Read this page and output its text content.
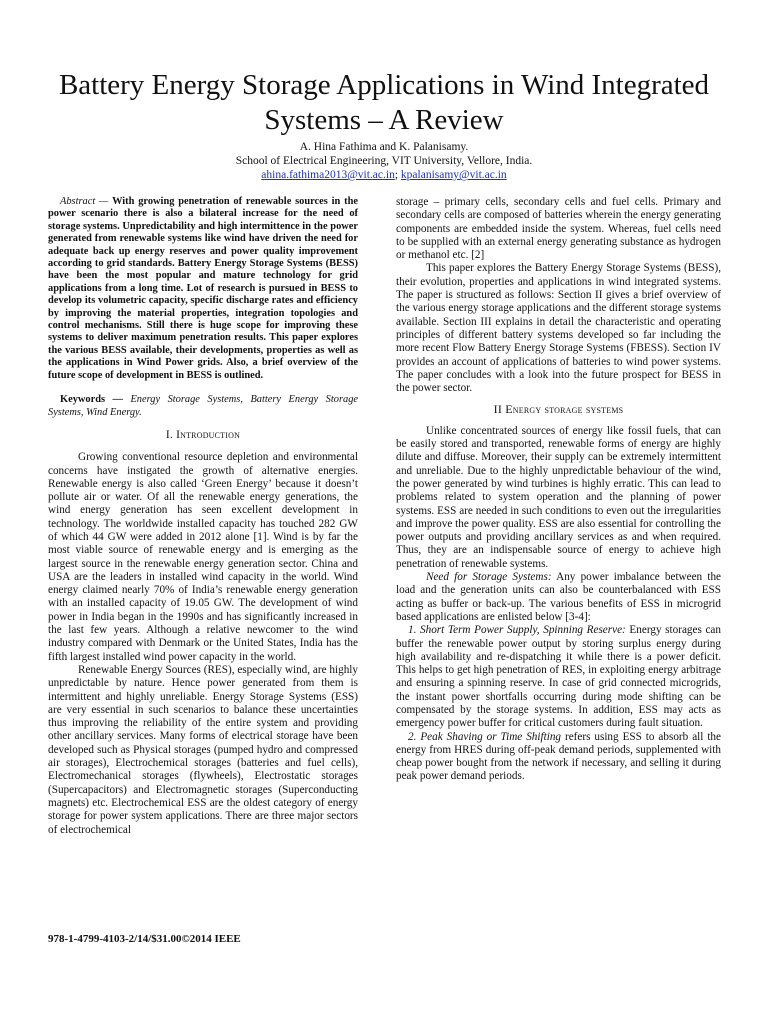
Battery Energy Storage Applications in Wind Integrated Systems – A Review
A. Hina Fathima and K. Palanisamy.
School of Electrical Engineering, VIT University, Vellore, India.
ahina.fathima2013@vit.ac.in; kpalanisamy@vit.ac.in

Abstract — With growing penetration of renewable sources in the power scenario there is also a bilateral increase for the need of storage systems. Unpredictability and high intermittence in the power generated from renewable systems like wind have driven the need for adequate back up energy reserves and power quality improvement according to grid standards. Battery Energy Storage Systems (BESS) have been the most popular and mature technology for grid applications from a long time. Lot of research is pursued in BESS to develop its volumetric capacity, specific discharge rates and efficiency by improving the material properties, integration topologies and control mechanisms. Still there is huge scope for improving these systems to deliver maximum penetration results. This paper explores the various BESS available, their developments, properties as well as the applications in Wind Power grids. Also, a brief overview of the future scope of development in BESS is outlined.

Keywords — Energy Storage Systems, Battery Energy Storage Systems, Wind Energy.

I. Introduction

Growing conventional resource depletion and environmental concerns have instigated the growth of alternative energies. Renewable energy is also called ‘Green Energy’ because it doesn’t pollute air or water. Of all the renewable energy generations, the wind energy generation has seen excellent development in technology. The worldwide installed capacity has touched 282 GW of which 44 GW were added in 2012 alone [1]. Wind is by far the most viable source of renewable energy and is emerging as the largest source in the renewable energy generation sector. China and USA are the leaders in installed wind capacity in the world. Wind energy claimed nearly 70% of India’s renewable energy generation with an installed capacity of 19.05 GW. The development of wind power in India began in the 1990s and has significantly increased in the last few years. Although a relative newcomer to the wind industry compared with Denmark or the United States, India has the fifth largest installed wind power capacity in the world.

Renewable Energy Sources (RES), especially wind, are highly unpredictable by nature. Hence power generated from them is intermittent and highly unreliable. Energy Storage Systems (ESS) are very essential in such scenarios to balance these uncertainties thus improving the reliability of the entire system and providing other ancillary services. Many forms of electrical storage have been developed such as Physical storages (pumped hydro and compressed air storages), Electrochemical storages (batteries and fuel cells), Electromechanical storages (flywheels), Electrostatic storages (Supercapacitors) and Electromagnetic storages (Superconducting magnets) etc. Electrochemical ESS are the oldest category of energy storage for power system applications. There are three major sectors of electrochemical

storage – primary cells, secondary cells and fuel cells. Primary and secondary cells are composed of batteries wherein the energy generating components are embedded inside the system. Whereas, fuel cells need to be supplied with an external energy generating substance as hydrogen or methanol etc. [2]

This paper explores the Battery Energy Storage Systems (BESS), their evolution, properties and applications in wind integrated systems. The paper is structured as follows: Section II gives a brief overview of the various energy storage applications and the different storage systems available. Section III explains in detail the characteristic and operating principles of different battery systems developed so far including the more recent Flow Battery Energy Storage Systems (FBESS). Section IV provides an account of applications of batteries to wind power systems. The paper concludes with a look into the future prospect for BESS in the power sector.

II Energy storage systems

Unlike concentrated sources of energy like fossil fuels, that can be easily stored and transported, renewable forms of energy are highly dilute and diffuse. Moreover, their supply can be extremely intermittent and unreliable. Due to the highly unpredictable behaviour of the wind, the power generated by wind turbines is highly erratic. This can lead to problems related to system operation and the planning of power systems. ESS are needed in such conditions to even out the irregularities and improve the power quality. ESS are also essential for controlling the power outputs and providing ancillary services as and when required. Thus, they are an indispensable source of energy to achieve high penetration of renewable systems.

Need for Storage Systems: Any power imbalance between the load and the generation units can also be counterbalanced with ESS acting as buffer or back-up. The various benefits of ESS in microgrid based applications are enlisted below [3-4]:

1. Short Term Power Supply, Spinning Reserve: Energy storages can buffer the renewable power output by storing surplus energy during high availability and re-dispatching it while there is a power deficit. This helps to get high penetration of RES, in exploiting energy arbitrage and ensuring a spinning reserve. In case of grid connected microgrids, the instant power shortfalls occurring during mode shifting can be compensated by the storage systems. In addition, ESS may acts as emergency power buffer for critical customers during fault situation.

2. Peak Shaving or Time Shifting refers using ESS to absorb all the energy from HRES during off-peak demand periods, supplemented with cheap power bought from the network if necessary, and selling it during peak power demand periods.

978-1-4799-4103-2/14/$31.00©2014 IEEE
